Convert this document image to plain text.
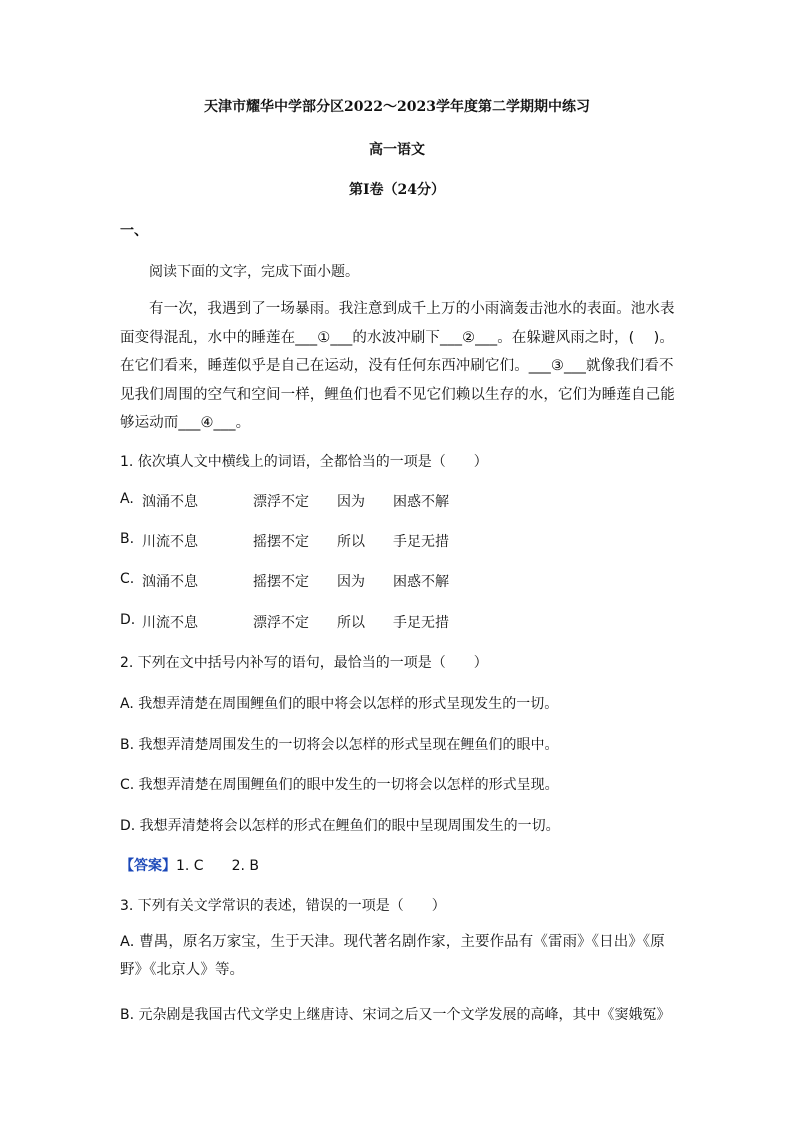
天津市耀华中学部分区2022～2023学年度第二学期期中练习
高一语文
第Ⅰ卷（24分）
一、
阅读下面的文字，完成下面小题。
有一次，我遇到了一场暴雨。我注意到成千上万的小雨滴轰击池水的表面。池水表面变得混乱，水中的睡莲在___①___的水波冲刷下___②___。在躲避风雨之时，(　 )。在它们看来，睡莲似乎是自己在运动，没有任何东西冲刷它们。___③___就像我们看不见我们周围的空气和空间一样，鲤鱼们也看不见它们赖以生存的水，它们为睡莲自己能够运动而___④___。
1. 依次填人文中横线上的词语，全都恰当的一项是（　　）
A. 汹涌不息	漂浮不定 因为 困惑不解
B. 川流不息	摇摆不定 所以 手足无措
C. 汹涌不息	摇摆不定 因为 困惑不解
D. 川流不息	漂浮不定 所以 手足无措
2. 下列在文中括号内补写的语句，最恰当的一项是（　　）
A. 我想弄清楚在周围鲤鱼们的眼中将会以怎样的形式呈现发生的一切。
B. 我想弄清楚周围发生的一切将会以怎样的形式呈现在鲤鱼们的眼中。
C. 我想弄清楚在周围鲤鱼们的眼中发生的一切将会以怎样的形式呈现。
D. 我想弄清楚将会以怎样的形式在鲤鱼们的眼中呈现周围发生的一切。
【答案】1. C　　2. B
3. 下列有关文学常识的表述，错误的一项是（　　）
A. 曹禺，原名万家宝，生于天津。现代著名剧作家，主要作品有《雷雨》《日出》《原野》《北京人》等。
B. 元杂剧是我国古代文学史上继唐诗、宋词之后又一个文学发展的高峰，其中《窦娥冤》
